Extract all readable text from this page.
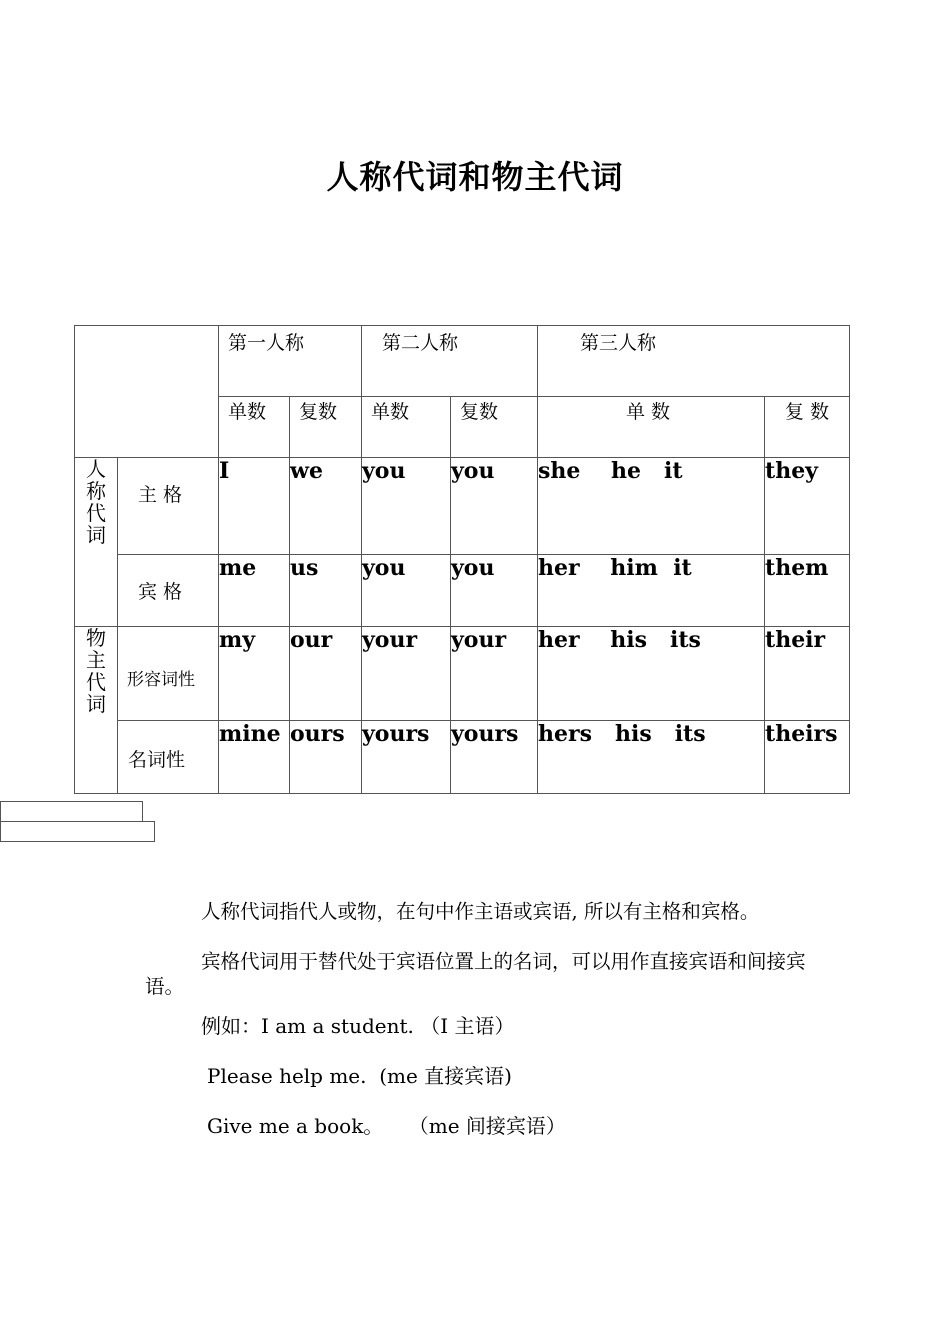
人称代词和物主代词

		第一人称		第二人称		第三人称	

		单数	复数	单数	复数	单 数	复 数

人
称
代
词	主 格	I	we	you	you	she    he   it	they

	宾 格	me	us	you	you	her    him  it	them

物
主
代
词	形容词性	my	our	your	your	her    his   its	their

	名词性	mine	ours	yours	yours	hers   his   its	theirs
人称代词指代人或物，在句中作主语或宾语, 所以有主格和宾格。
宾格代词用于替代处于宾语位置上的名词，可以用作直接宾语和间接宾语。
例如：I am a student. （I 主语）
Please help me.  (me 直接宾语)
Give me a book。    （me 间接宾语）
